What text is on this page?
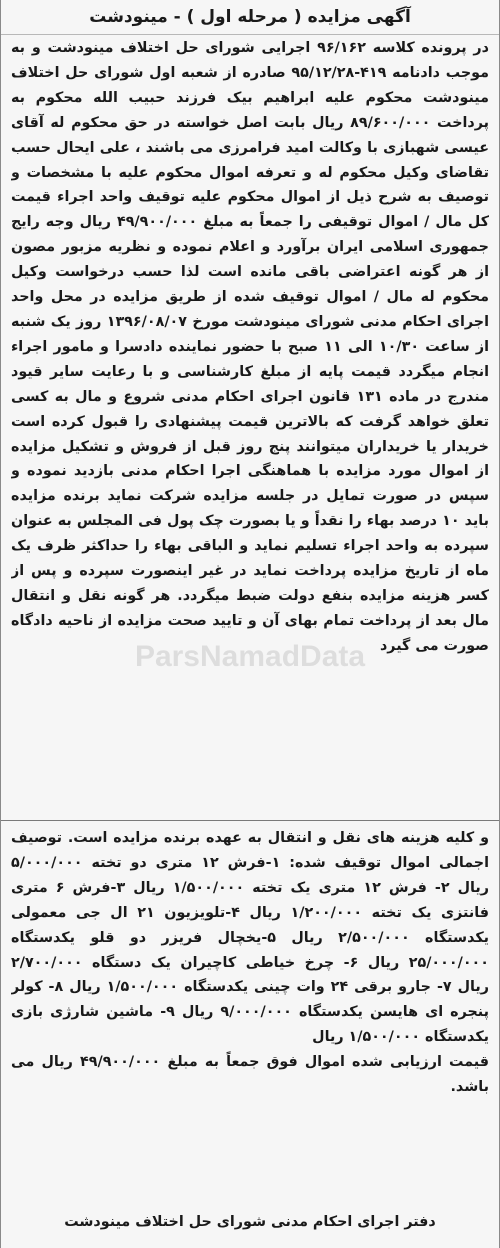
آگهی مزایده ( مرحله اول ) - مینودشت

در پرونده کلاسه ۹۶/۱۶۲ اجرایی شورای حل اختلاف مینودشت و به موجب دادنامه ۴۱۹-۹۵/۱۲/۲۸ صادره از شعبه اول شورای حل اختلاف مینودشت محکوم علیه ابراهیم بیک فرزند حبیب الله محکوم به پرداخت ۸۹/۶۰۰/۰۰۰ ریال بابت اصل خواسته در حق محکوم له آقای عیسی شهبازی با وکالت امید فرامرزی می باشند ، علی ایحال حسب تقاضای وکیل محکوم له و تعرفه اموال محکوم علیه با مشخصات و توصیف به شرح ذیل از اموال محکوم علیه توقیف واحد اجراء قیمت کل مال / اموال توقیفی را جمعاً به مبلغ ۴۹/۹۰۰/۰۰۰ ریال وجه رایج جمهوری اسلامی ایران برآورد و اعلام نموده و نظریه مزبور مصون از هر گونه اعتراضی باقی مانده است لذا حسب درخواست وکیل محکوم له مال / اموال توقیف شده از طریق مزایده در محل واحد اجرای احکام مدنی شورای مینودشت مورخ ۱۳۹۶/۰۸/۰۷ روز یک شنبه از ساعت ۱۰/۳۰ الی ۱۱ صبح با حضور نماینده دادسرا و مامور اجراء انجام میگردد قیمت پایه از مبلغ کارشناسی و با رعایت سایر قیود مندرج در ماده ۱۳۱ قانون اجرای احکام مدنی شروع و مال به کسی تعلق خواهد گرفت که بالاترین قیمت پیشنهادی را قبول کرده است خریدار یا خریداران میتوانند پنج روز قبل از فروش و تشکیل مزایده از اموال مورد مزایده با هماهنگی اجرا احکام مدنی بازدید نموده و سپس در صورت تمایل در جلسه مزایده شرکت نماید برنده مزایده باید ۱۰ درصد بهاء را نقداً و یا بصورت چک پول فی المجلس به عنوان سپرده به واحد اجراء تسلیم نماید و الباقی بهاء را حداکثر ظرف یک ماه از تاریخ مزایده پرداخت نماید در غیر اینصورت سپرده و پس از کسر هزینه مزایده بنفع دولت ضبط میگردد. هر گونه نقل و انتقال مال بعد از پرداخت تمام بهای آن و تایید صحت مزایده از ناحیه دادگاه صورت می گیرد

ParsNamadData

و کلیه هزینه های نقل و انتقال به عهده برنده مزایده است. توصیف اجمالی اموال توقیف شده: ۱-فرش ۱۲ متری دو تخته ۵/۰۰۰/۰۰۰ ریال ۲- فرش ۱۲ متری یک تخته ۱/۵۰۰/۰۰۰ ریال ۳-فرش ۶ متری فانتزی یک تخته ۱/۲۰۰/۰۰۰ ریال ۴-تلویزیون ۲۱ ال جی معمولی یکدستگاه ۲/۵۰۰/۰۰۰ ریال ۵-یخچال فریزر دو قلو یکدستگاه ۲۵/۰۰۰/۰۰۰ ریال ۶- چرخ خیاطی کاچیران یک دستگاه ۲/۷۰۰/۰۰۰ ریال ۷- جارو برقی ۲۴ وات چینی یکدستگاه ۱/۵۰۰/۰۰۰ ریال ۸- کولر پنجره ای هایسن یکدستگاه ۹/۰۰۰/۰۰۰ ریال ۹- ماشین شارژی بازی یکدستگاه ۱/۵۰۰/۰۰۰ ریال

قیمت ارزیابی شده اموال فوق جمعاً به مبلغ ۴۹/۹۰۰/۰۰۰ ریال می باشد.

دفتر اجرای احکام مدنی شورای حل اختلاف مینودشت
